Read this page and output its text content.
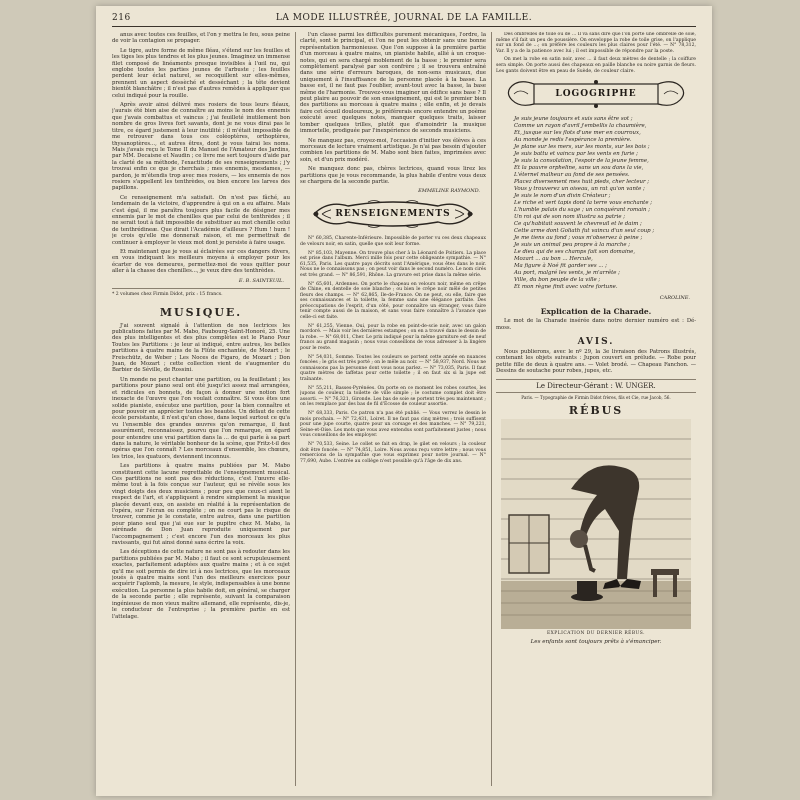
216	LA MODE ILLUSTRÉE, JOURNAL DE LA FAMILLE.

anus avec toutes ces feuilles, et l'on y mettra le feu, sous peine de voir la contagion se propager.

Le tigre, autre forme de même fléau, s'étend sur les feuilles et les tiges les plus tendres et les plus jeunes. Imaginez un immense filet composé de linéaments presque invisibles à l'œil nu, qui englobe toutes les parties jeunes de l'arbuste ; les feuilles perdent leur éclat naturel, se recoquillent sur elles-mêmes, prennent un aspect dessèché et desséchant ; la tête devient bientôt blanchâtre ; il n'est pas d'autres remèdes à appliquer que celui indiqué pour la rouille.

Après avoir ainsi délivré mes rosiers de tous leurs fléaux, j'aurais été bien aise de connaître au moins le nom des ennemis que j'avais combattus et vaincus ; j'ai feuilleté inutilement bon nombre de gros livres fort savants, dont je ne vous dirai pas le titre, ce égard justement à leur inutilité ; il m'était impossible de me retrouver dans tous ces coléoptères, orthoptères, thysanoptères..., et autres êtres, dont je vous tairai les noms. Mais j'avais reçu le Tome II du Manuel de l'Amateur des Jardins, par MM. Decaisne et Naudin ; ce livre me sert toujours d'aide par la clarté de sa méthode, l'exactitude de ses renseignements ; j'y trouvai enfin ce que je cherchais ; mes ennemis, mesdames, — pardon, je m'étendis trop avec mes rosiers, — les ennemis de nos rosiers s'appellent les tenthrèdes, ou bien encore les larves des papillons.

Ce renseignement m'a satisfait. On n'est pas fâché, au lendemain de la victoire, d'apprendre à qui on a eu affaire. Mais c'est égal, il me paraîtra toujours plus facile de désigner mes ennemis par le mot de chenilles que par celui de tenthrèdes ; il ne serait tout à fait impossible de substituer au mot chenille celui de tenthrédineæ. Que dirait l'Académie d'ailleurs ? Hum ! hum ! je crois qu'elle me donnerait raison, et me permettrait de continuer à employer le vieux mot dont je persiste à faire usage.

Et maintenant que je vous ai éclairées sur ces dangers divers, en vous indiquant les meilleurs moyens à employer pour les écarter de vos demeures, permettez-moi de vous quitter pour aller à la chasse des chenilles..., je veux dire des tenthrèdes.

E. B. SAINTEUIL.
* 2 volumes chez Firmin Didot, prix : 15 francs.
MUSIQUE.

J'ai souvent signalé à l'attention de nos lectrices les publications faites par M. Mabo, Faubourg-Saint-Honoré, 25. Une des plus intelligentes et des plus complètes est le Piano Pour Toutes les Partitions : je leur ai indiqué, entre autres, les belles partitions à quatre mains de la Flûte enchantée, de Mozart ; le Freischütz, de Weber ; Les Noces de Figaro, de Mozart ; Don Juan, de Mozart ; cette collection vient de s'augmenter du Barbier de Séville, de Rossini.

Un monde ne peut chanter une partition, ou la feuilletant ; les partitions pour piano seul ont été jusqu'ici assez mal arrangées, et ridicules en bonnets, de façon à donner une notion fort inexacte de l'œuvre que l'on voulait connaître. Si vous êtes une solide pianiste, exécutez une partition, pour la bien connaître et pour pouvoir en apprécier toutes les beautés. Un défaut de cette école persistante, il n'est qu'un chose, dans lequel surtout ce qu'a vu l'ensemble des grandes œuvres qu'on remarque, il faut assurément, reconnaissez, pourvu que l'on remarque, en égard pour entendre une vrai partition dans la ... de qui parle à sa part dans la nature, le véritable bonheur de la scène, que Fritz-t-il des opéras que l'on connaît ? Les morceaux d'ensemble, les chœurs, les trios, les quatuors, deviennent inconnus.

Les partitions à quatre mains publiées par M. Mabo constituent cette lacune regrettable de l'enseignement musical. Ces partitions ne sont pas des réductions, c'est l'œuvre elle-même tout à la fois conçue sur l'auteur, qui se révèle sous les vingt doigts des deux musiciens ; pour peu que ceux-ci aient le respect de l'art, et s'appliquent à rendre simplement la musique placée devant eux, on assiste en réalité à la représentation de l'opéra, sur l'écran ou complète ; on ne court pas le risque de trouver, comme je le constate, entre autres, dans une partition pour piano seul que j'ai eue sur le pupitre chez M. Mabo, la sérénade de Don Juan reproduite uniquement par l'accompagnement ; c'est encore l'un des morceaux les plus ravissants, qui fut ainsi donné sans écrire la voix.

Les déceptions de cette nature ne sont pas à redouter dans les partitions publiées par M. Mabo ; il faut ce sont scrupuleusement exactes, parfaitement adaptées aux quatre mains ; et à ce sujet qu'il me soit permis de dire ici à nos lectrices, que les morceaux joués à quatre mains sont l'un des meilleurs exercices pour acquérir l'aplomb, la mesure, le style, indispensables à une bonne exécution. La personne la plus habile doit, en général, se charger de la seconde partie ; elle représente, suivant la comparaison ingénieuse de mon vieux maître allemand, elle représente, dis-je, le conducteur de l'entreprise ; la première partie en est l'attelage.

l'un classe parmi les difficultés purement mécaniques, l'ordre, la clarté, sont le principal, et l'on ne peut les obtenir sans une bonne représentation harmonieuse. Que l'on suppose à la première partie d'un morceau à quatre mains, un pianiste habile, allié à un croque-notes, qui en sera chargé moblement de la basse ; le premier sera complètement paralysé par son confrère ; il se trouvera entraîné dans une série d'erreurs baroques, de non-sens musicaux, due uniquement à l'insuffisance de la personne placée à la basse. La basse est, il ne faut pas l'oublier, avant-tout avec la basse, la base même de l'harmonie. Trouvez-vous imaginer un édifice sans base ? Il peut plaire au pouvoir de son enseignement, qui est le premier bien des partitions au morceau à quatre mains ; elle enfin, et je devais faire cet écueil douloureux, je préférerais encore entendre un poème exécuté avec quelques notes, manquer quelques traits, laisser tomber quelques trilles, plutôt que d'amoindrir la musique immortelle, prodiguée par l'inexpérience de seconds musiciens.

Ne manquez pas, croyez-moi, l'occasion d'initier vos élèves à ces morceaux de lecture vraiment artistique. Je n'ai pas besoin d'ajouter combien les partitions de M. Mabo sont bien faites, imprimées avec soin, et d'un prix modéré.

Ne manquez donc pas, chères lectrices, quand vous lirez les partitions que je vous recommande, la plus habile d'entre vous deux se chargera de la seconde partie.

EMMELINE RAYMOND.
RENSEIGNEMENTS

N° 60,385, Charente-Inférieure. Impossible de porter vu ces deux chapeaux de velours noir, en satin, quelle que soit leur forme.

N° 85,103, Mayenne. On trouve plus cher à la Léonard de Poitiers. La place est prise dans l'album. Merci mille fois pour cette obligeante sympathie. — N° 61,535, Paris. Les quatre pays décrits sont l'Amérique, vous êtes dans le noir. Nous ne le connaissons pas ; on peut voir dans le second numéro. Le nom cirés est très grand. — N° 86,591, Rhône. La gravure est prise dans la même série.

N° 65,601, Ardennes. On porte le chapeau en velours noir, même en crêpe de Chine, en dentelle de soie blanche ; ou bien le crêpe noir mêlé de petites fleurs des champs. — N° 62,865, Ile-de-France. On ne peut, ou elle, faire que ses connaissances et la toilette, la femme sans une élégance parfaite. Des préoccupations de l'esprit, d'un côté, pour connaître un étranger, vous faire tenir compte aussi de la maison, et sans vous faire connaître à l'avance que celle-ci est faite.

N° 61,255, Vienne. Oui, pour la robe en point-de-scie noir, avec un galon mordoré. — Mais voir les dernières estampes ; on en a trouvé dans le dessin de la robe. — N° 68,011, Cher. Le prix indiqué pour la même garniture est de neuf francs au grand magasin ; nous vous conseillons de vous adresser à la lingère pour le reste.

N° 54,031, Somme. Toutes les couleurs se portent cette année en nuances foncées ; le gris est très porté ; on le mêle au noir. — N° 58,937, Nord. Nous ne connaissons pas la personne dont vous nous parlez. — N° 73,035, Paris. Il faut quatre mètres de taffetas pour cette toilette ; il en faut six si la jupe est traînante.

N° 55,211, Basses-Pyrénées. On porte en ce moment les robes courtes, les jupons de couleur, la toilette de ville simple ; le costume complet doit être assorti. — N° 76,321, Gironde. Les bas de soie se portent très peu maintenant ; on les remplace par des bas de fil d'Écosse de couleur assortie.

N° 68,333, Paris. Ce patron n'a pas été publié. — Vous verrez le dessin le mois prochain. — N° 72,431, Loiret. Il ne faut pas cinq mètres ; trois suffisent pour une jupe courte, quatre pour un corsage et des manches. — N° 79,221, Seine-et-Oise. Les mots que vous avez entendus sont parfaitement justes ; nous vous conseillons de les employer.

N° 70,533, Seine. Le collet se fait en drap, le gilet en velours ; la couleur doit être foncée. — N° 74,851, Loire. Nous avons reçu votre lettre ; nous vous remercions de la sympathie que vous exprimez pour notre journal. — N° 77,690, Aube. L'entrée au collège n'est possible qu'à l'âge de dix ans.

Des ombrelles de toile ou de ... Il va sans dire que l'on porte une ombrelle de soie, même s'il fait un peu de poussière. On enveloppe la robe de toile grise, on l'applique sur un fond de ...; on préfère les couleurs les plus claires pour l'été. — N° 78,312, Var. Il y a de la patience avec lui ; il est impossible de répondre par la poste.

On met la robe en satin noir, avec ... il faut deux mètres de dentelle ; la coiffure sera simple. On porte aussi des chapeaux en paille blanche ou noire garnis de fleurs. Les gants doivent être en peau de Suède, de couleur claire.

LOGOGRIPHE
Je suis jeune toujours et suis sans être sot ;
Comme un rayon d'avril j'embellis la chaumière,
Et, jusque sur les flots d'une mer en courroux,
Au monde je redis l'espérance la première.
Je plane sur les mers, sur les monts, sur les bois ;
Je suis battu et vaincu par les vents en furie ;
Je suis la consolation, l'espoir de la jeune femme,
Et la pauvre orpheline, sans un sou dans la vie,
L'éternel malheur au fond de ses pensées.
Placez diversement mes huit pieds, cher lecteur ;
Vous y trouverez un oiseau, un rat qu'on vante ;
Je suis le nom d'un divin Créateur ;
Le riche et vert tapis dont la terre vous enchante ;
L'humble palais du sage ; un conquérant romain ;
Un roi qui de son nom illustra sa patrie ;
Ce qu'habitait souvent le chevreuil et le daim ;
Cette arme dont Goliath fut vaincu d'un seul coup ;
Je me tiens au fond ; vous m'observez à peine ;
Je suis un animal peu propre à la marche ;
Le dieu qui de ses champs fait son domaine,
Mozart ... au bon ... Hercule,
Ma figure à Noé fit garder ses ... ;
Au port, malgré les vents, je m'arrête ;
Ville, du bon peuple de la ville ;
Et mon règne finit avec votre fortune.
CAROLINE.
Explication de la Charade.

Le mot de la Charade insérée dans notre dernier numéro est : Dé-moss.

AVIS.

Nous publierons, avec le nº 29, la 3e livraison des Patrons illustrés, contenant les objets suivants : Jupon couvert en prélude. — Robe pour petite fille de deux à quatre ans. — Volet brodé. — Chapeau Fanchon. — Dessins de soutache pour robes, jupes, etc.

Le Directeur-Gérant : W. UNGER.
Paris. — Typographie de Firmin Didot frères, fils et Cie, rue Jacob, 56.
RÉBUS
EXPLICATION DU DERNIER RÉBUS.
Les enfants sont toujours prêts à s'émanciper.
